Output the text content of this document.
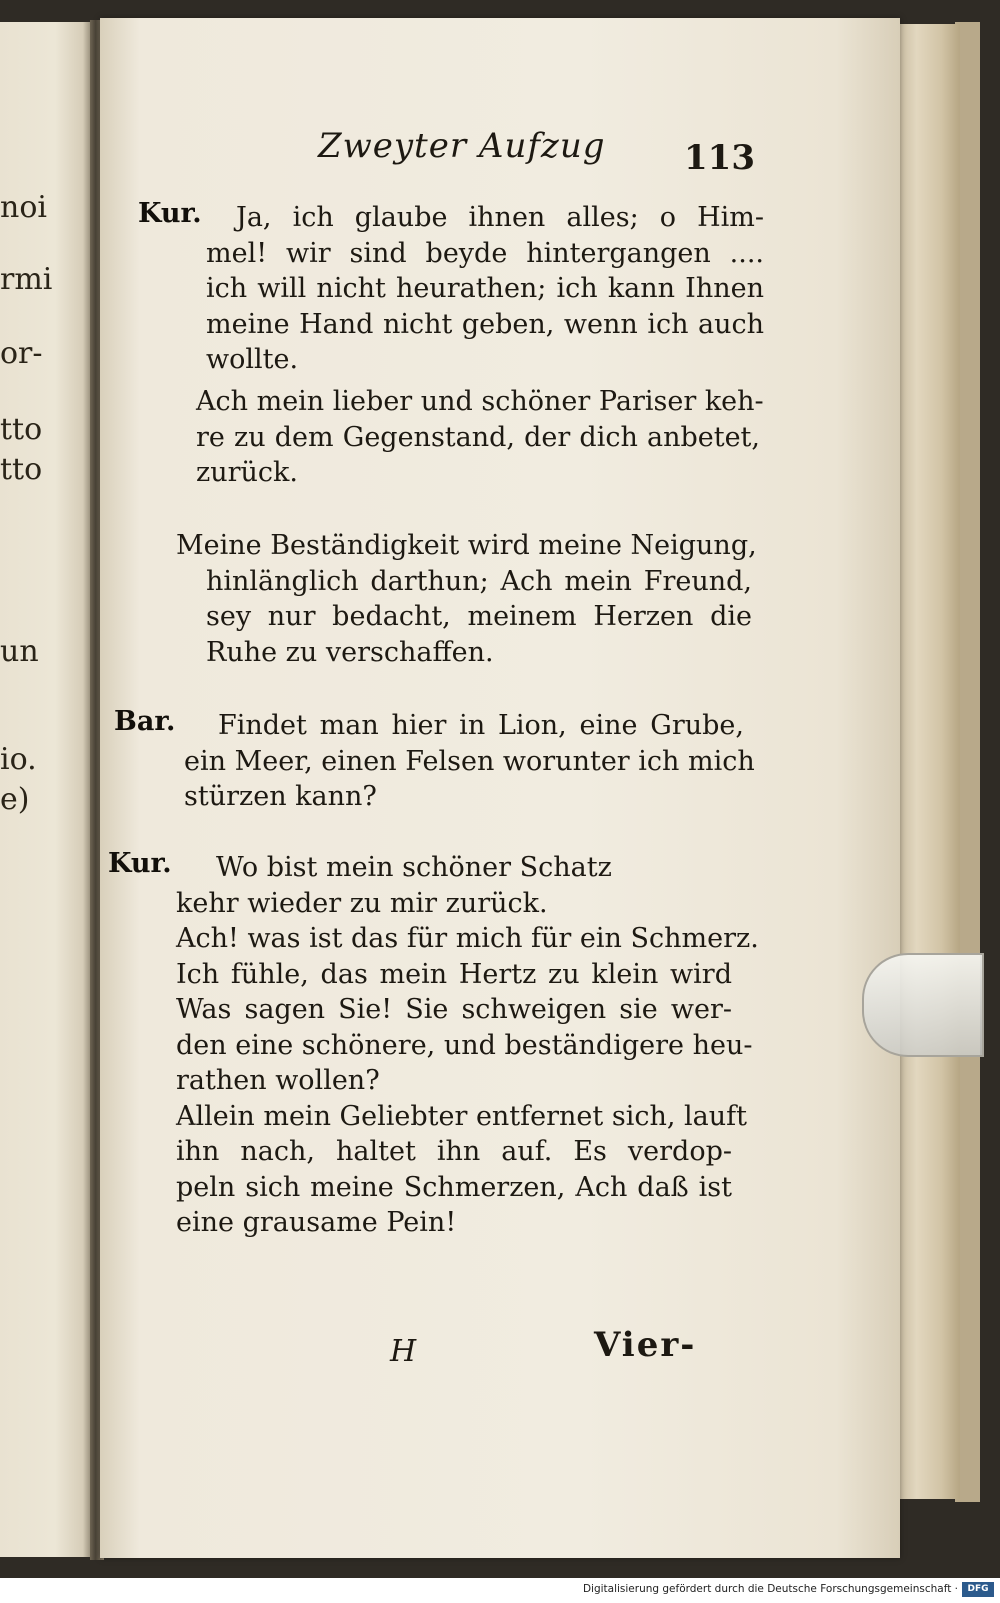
noi
rmi
or-
tto
tto
un
io.
e)
Zweyter Aufzug 113
Kur.	Ja, ich glaube ihnen alles; o Him-
mel! wir sind beyde hintergangen ....
ich will nicht heurathen; ich kann Ihnen
meine Hand nicht geben, wenn ich auch
wollte.
Ach mein lieber und schöner Pariser keh-
re zu dem Gegenstand, der dich anbetet,
zurück.
Meine Beständigkeit wird meine Neigung,
hinlänglich darthun; Ach mein Freund,
sey nur bedacht, meinem Herzen die
Ruhe zu verschaffen.
Bar.	Findet man hier in Lion, eine Grube,
ein Meer, einen Felsen worunter ich mich
stürzen kann?
Kur.	Wo bist mein schöner Schatz
kehr wieder zu mir zurück.
Ach! was ist das für mich für ein Schmerz.
Ich fühle, das mein Hertz zu klein wird
Was sagen Sie! Sie schweigen sie wer-
den eine schönere, und beständigere heu-
rathen wollen?
Allein mein Geliebter entfernet sich, lauft
ihn nach, haltet ihn auf. Es verdop-
peln sich meine Schmerzen, Ach daß ist
eine grausame Pein!
H	Vier-
Digitalisierung gefördert durch die Deutsche Forschungsgemeinschaft ·	DFG
